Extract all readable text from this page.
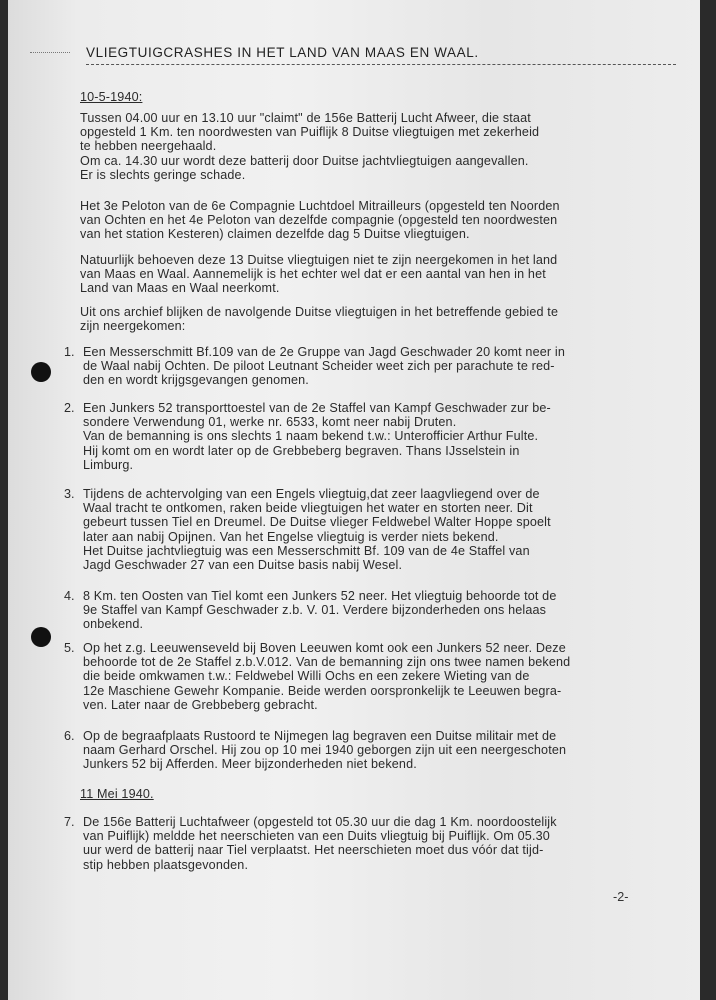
VLIEGTUIGCRASHES IN HET LAND VAN MAAS EN WAAL.
10-5-1940:
11 Mei 1940.
Tussen 04.00 uur en 13.10 uur "claimt" de 156e Batterij Lucht Afweer, die staat
opgesteld 1 Km. ten noordwesten van Puiflijk 8 Duitse vliegtuigen met zekerheid
te hebben neergehaald.
Om ca. 14.30 uur wordt deze batterij door Duitse jachtvliegtuigen aangevallen.
Er is slechts geringe schade.
Het 3e Peloton van de 6e Compagnie Luchtdoel Mitrailleurs (opgesteld ten Noorden
van Ochten en het 4e Peloton van dezelfde compagnie (opgesteld ten noordwesten
van het station Kesteren) claimen dezelfde dag 5 Duitse vliegtuigen.
Natuurlijk behoeven deze 13 Duitse vliegtuigen niet te zijn neergekomen in het land
van Maas en Waal. Aannemelijk is het echter wel dat er een aantal van hen in het
Land van Maas en Waal neerkomt.
Uit ons archief blijken de navolgende Duitse vliegtuigen in het betreffende gebied te
zijn neergekomen:
1. Een Messerschmitt Bf.109 van de 2e Gruppe van Jagd Geschwader 20 komt neer in
de Waal nabij Ochten. De piloot Leutnant Scheider weet zich per parachute te red-
den en wordt krijgsgevangen genomen.
2. Een Junkers 52 transporttoestel van de 2e Staffel van Kampf Geschwader zur be-
sondere Verwendung 01, werke nr. 6533, komt neer nabij Druten.
Van de bemanning is ons slechts 1 naam bekend t.w.: Unterofficier Arthur Fulte.
Hij komt om en wordt later op de Grebbeberg begraven. Thans IJsselstein in
Limburg.
3. Tijdens de achtervolging van een Engels vliegtuig,dat zeer laagvliegend over de
Waal tracht te ontkomen, raken beide vliegtuigen het water en storten neer. Dit
gebeurt tussen Tiel en Dreumel. De Duitse vlieger Feldwebel Walter Hoppe spoelt
later aan nabij Opijnen. Van het Engelse vliegtuig is verder niets bekend.
Het Duitse jachtvliegtuig was een Messerschmitt Bf. 109 van de 4e Staffel van
Jagd Geschwader 27 van een Duitse basis nabij Wesel.
4. 8 Km. ten Oosten van Tiel komt een Junkers 52 neer. Het vliegtuig behoorde tot de
9e Staffel van Kampf Geschwader z.b. V. 01. Verdere bijzonderheden ons helaas
onbekend.
5. Op het z.g. Leeuwenseveld bij Boven Leeuwen komt ook een Junkers 52 neer. Deze
behoorde tot de 2e Staffel z.b.V.012. Van de bemanning zijn ons twee namen bekend
die beide omkwamen t.w.: Feldwebel Willi Ochs en een zekere Wieting van de
12e Maschiene Gewehr Kompanie. Beide werden oorspronkelijk te Leeuwen begra-
ven. Later naar de Grebbeberg gebracht.
6. Op de begraafplaats Rustoord te Nijmegen lag begraven een Duitse militair met de
naam Gerhard Orschel. Hij zou op 10 mei 1940 geborgen zijn uit een neergeschoten
Junkers 52 bij Afferden. Meer bijzonderheden niet bekend.
7. De 156e Batterij Luchtafweer (opgesteld tot 05.30 uur die dag 1 Km. noordoostelijk
van Puiflijk) meldde het neerschieten van een Duits vliegtuig bij Puiflijk. Om 05.30
uur werd de batterij naar Tiel verplaatst. Het neerschieten moet dus vóór dat tijd-
stip hebben plaatsgevonden.
-2-
